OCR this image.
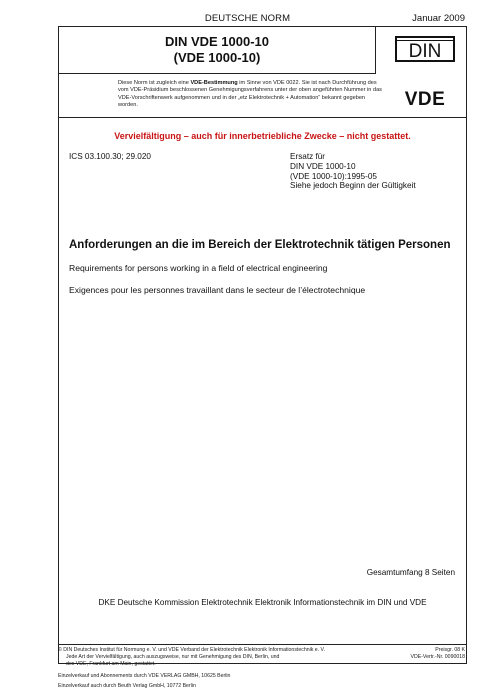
DEUTSCHE NORM	Januar 2009
DIN VDE 1000-10
(VDE 1000-10)	DIN
Diese Norm ist zugleich eine VDE-Bestimmung im Sinne von VDE 0022. Sie ist nach Durchführung des vom VDE-Präsidium beschlossenen Genehmigungsverfahrens unter der oben angeführten Nummer in das VDE-Vorschriftenwerk aufgenommen und in der „etz Elektrotechnik + Automation“ bekannt gegeben worden.	VDE
Vervielfältigung – auch für innerbetriebliche Zwecke – nicht gestattet.
ICS 03.100.30; 29.020	Ersatz für
DIN VDE 1000-10
(VDE 1000-10):1995-05
Siehe jedoch Beginn der Gültigkeit
Anforderungen an die im Bereich der Elektrotechnik tätigen Personen
Requirements for persons working in a field of electrical engineering
Exigences pour les personnes travaillant dans le secteur de l’électrotechnique
Gesamtumfang 8 Seiten
DKE Deutsche Kommission Elektrotechnik Elektronik Informationstechnik im DIN und VDE
© DIN Deutsches Institut für Normung e. V. und VDE Verband der Elektrotechnik Elektronik Informationstechnik e. V.
Jede Art der Vervielfältigung, auch auszugsweise, nur mit Genehmigung des DIN, Berlin, und
des VDE, Frankfurt am Main, gestattet.
Preisgr. 08 K
VDE-Vertr.-Nr. 0090018
Einzelverkauf und Abonnements durch VDE VERLAG GMBH, 10625 Berlin
Einzelverkauf auch durch Beuth Verlag GmbH, 10772 Berlin
